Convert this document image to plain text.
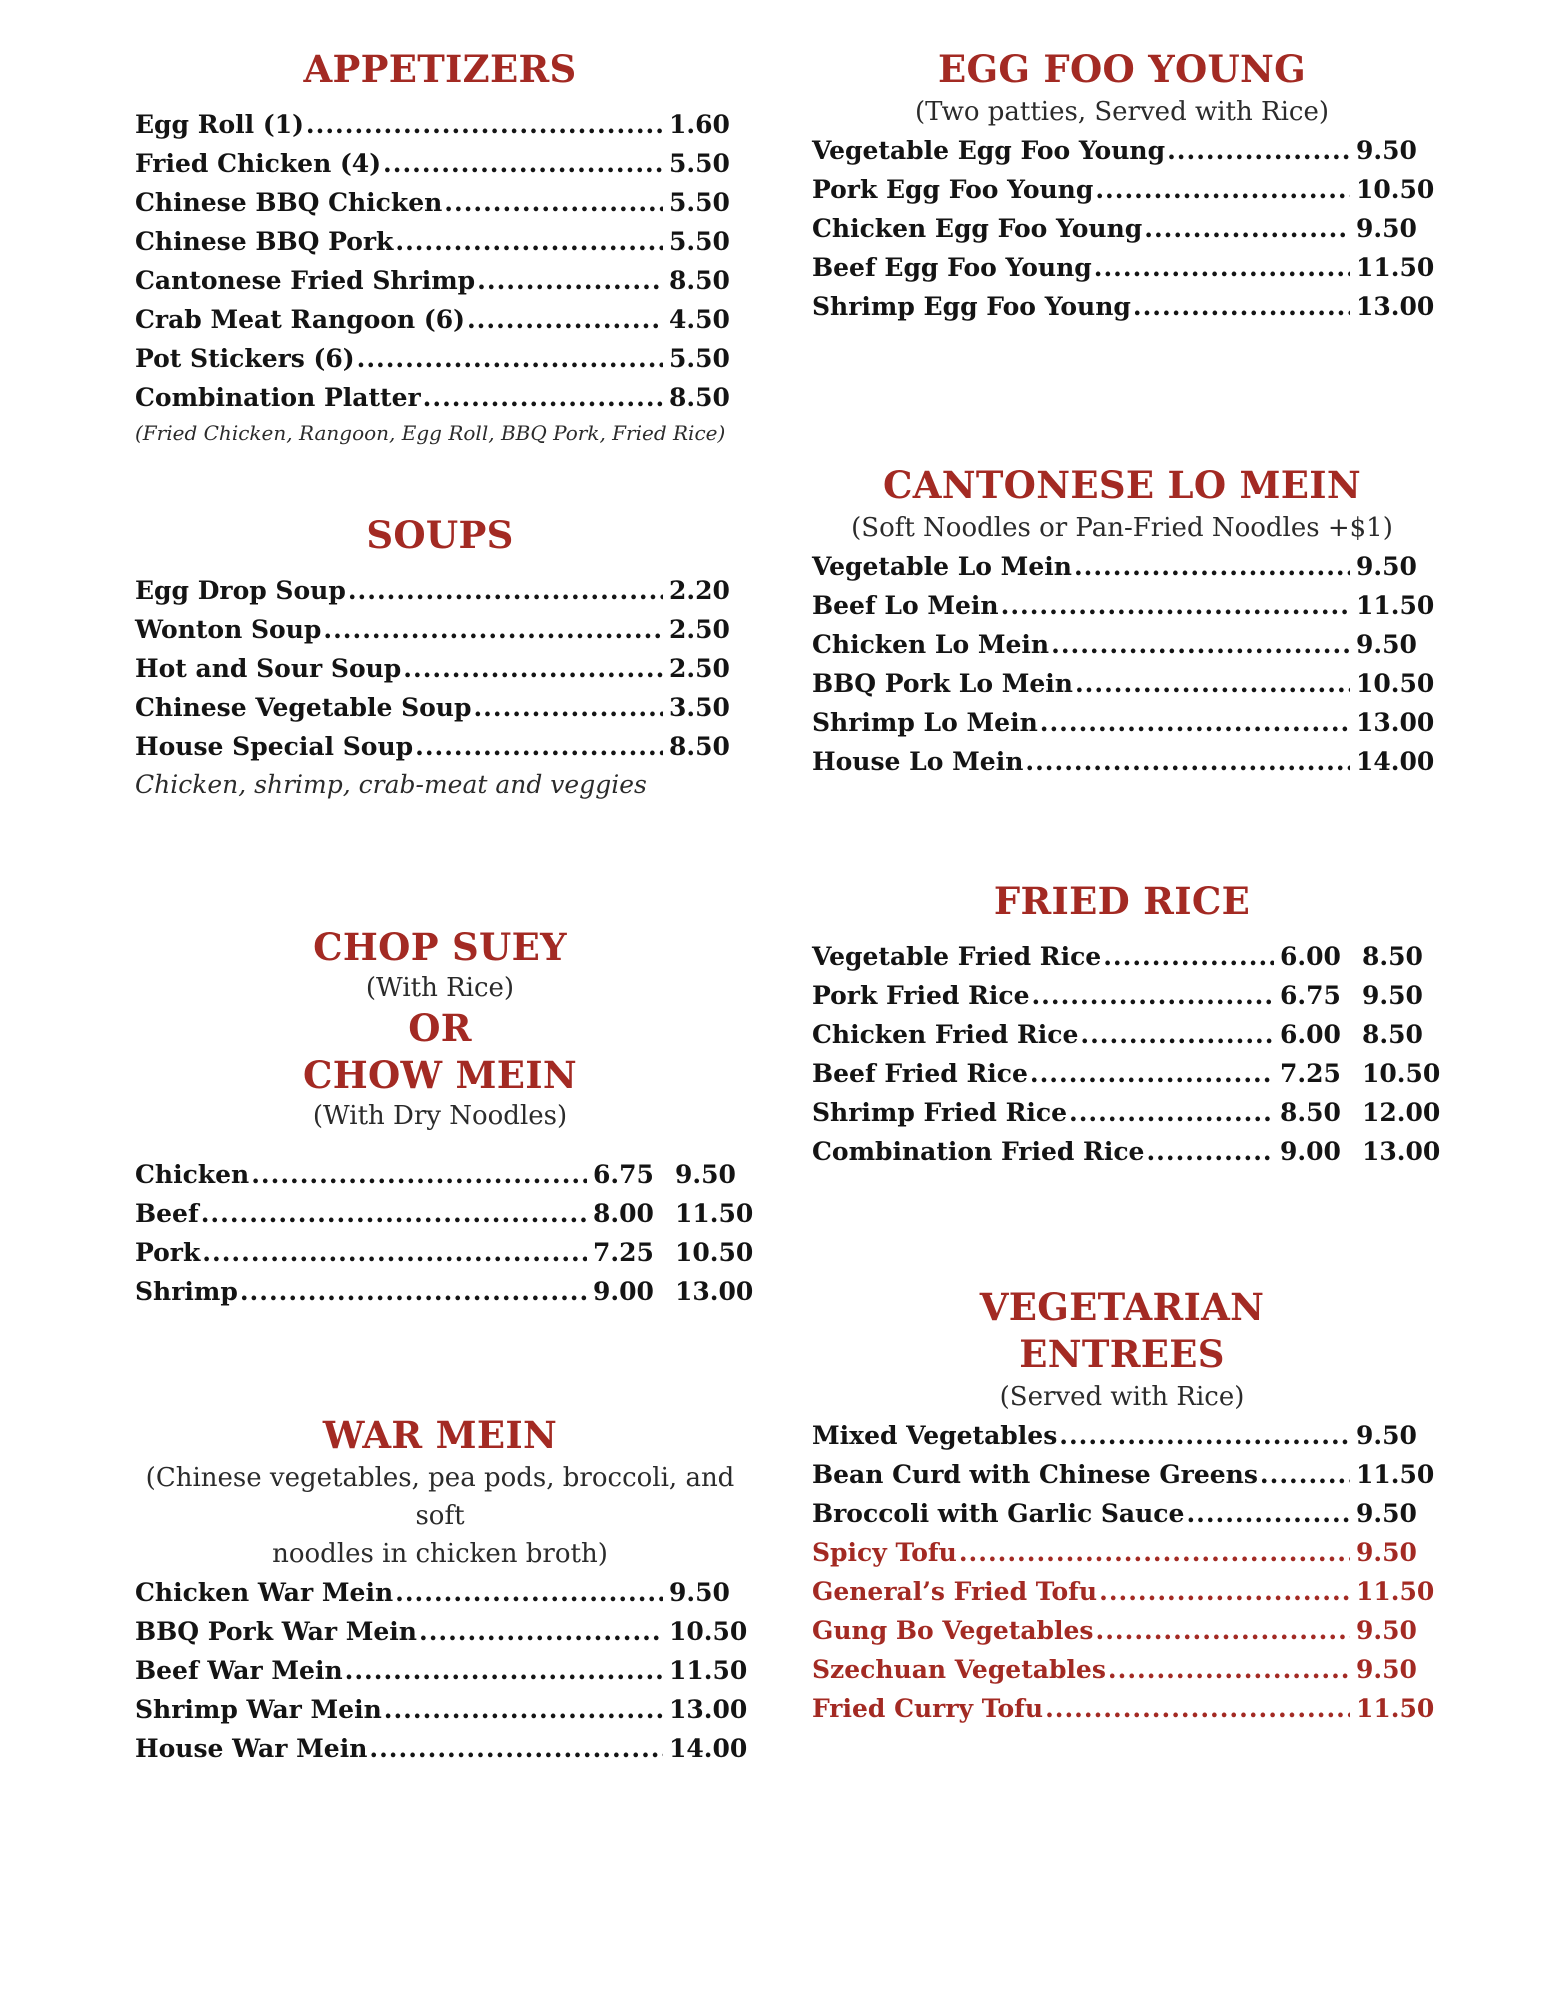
APPETIZERS
Egg Roll (1) .....	1.60
Fried Chicken (4) .....	5.50
Chinese BBQ Chicken .....	5.50
Chinese BBQ Pork .....	5.50
Cantonese Fried Shrimp .....	8.50
Crab Meat Rangoon (6) .....	4.50
Pot Stickers (6) .....	5.50
Combination Platter .....	8.50

(Fried Chicken, Rangoon, Egg Roll, BBQ Pork, Fried Rice)

SOUPS
Egg Drop Soup .....	2.20
Wonton Soup .....	2.50
Hot and Sour Soup .....	2.50
Chinese Vegetable Soup .....	3.50
House Special Soup .....	8.50

Chicken, shrimp, crab-meat and veggies

CHOP SUEY

(With Rice)

OR
CHOW MEIN

(With Dry Noodles)

Chicken .....	6.75 9.50
Beef .....	8.00 11.50
Pork .....	7.25 10.50
Shrimp .....	9.00 13.00
WAR MEIN

(Chinese vegetables, pea pods, broccoli, and soft

noodles in chicken broth)

Chicken War Mein .....	9.50
BBQ Pork War Mein .....	10.50
Beef War Mein .....	11.50
Shrimp War Mein .....	13.00
House War Mein .....	14.00
EGG FOO YOUNG

(Two patties, Served with Rice)

Vegetable Egg Foo Young .....	9.50
Pork Egg Foo Young .....	10.50
Chicken Egg Foo Young .....	9.50
Beef Egg Foo Young .....	11.50
Shrimp Egg Foo Young .....	13.00
CANTONESE LO MEIN

(Soft Noodles or Pan-Fried Noodles +$1)

Vegetable Lo Mein .....	9.50
Beef Lo Mein .....	11.50
Chicken Lo Mein .....	9.50
BBQ Pork Lo Mein .....	10.50
Shrimp Lo Mein .....	13.00
House Lo Mein .....	14.00
FRIED RICE
Vegetable Fried Rice .....	6.00 8.50
Pork Fried Rice .....	6.75 9.50
Chicken Fried Rice .....	6.00 8.50
Beef Fried Rice .....	7.25 10.50
Shrimp Fried Rice .....	8.50 12.00
Combination Fried Rice .....	9.00 13.00
VEGETARIAN
ENTREES

(Served with Rice)

Mixed Vegetables .....	9.50
Bean Curd with Chinese Greens .....	11.50
Broccoli with Garlic Sauce .....	9.50
Spicy Tofu .....	9.50
General’s Fried Tofu .....	11.50
Gung Bo Vegetables .....	9.50
Szechuan Vegetables .....	9.50
Fried Curry Tofu .....	11.50
